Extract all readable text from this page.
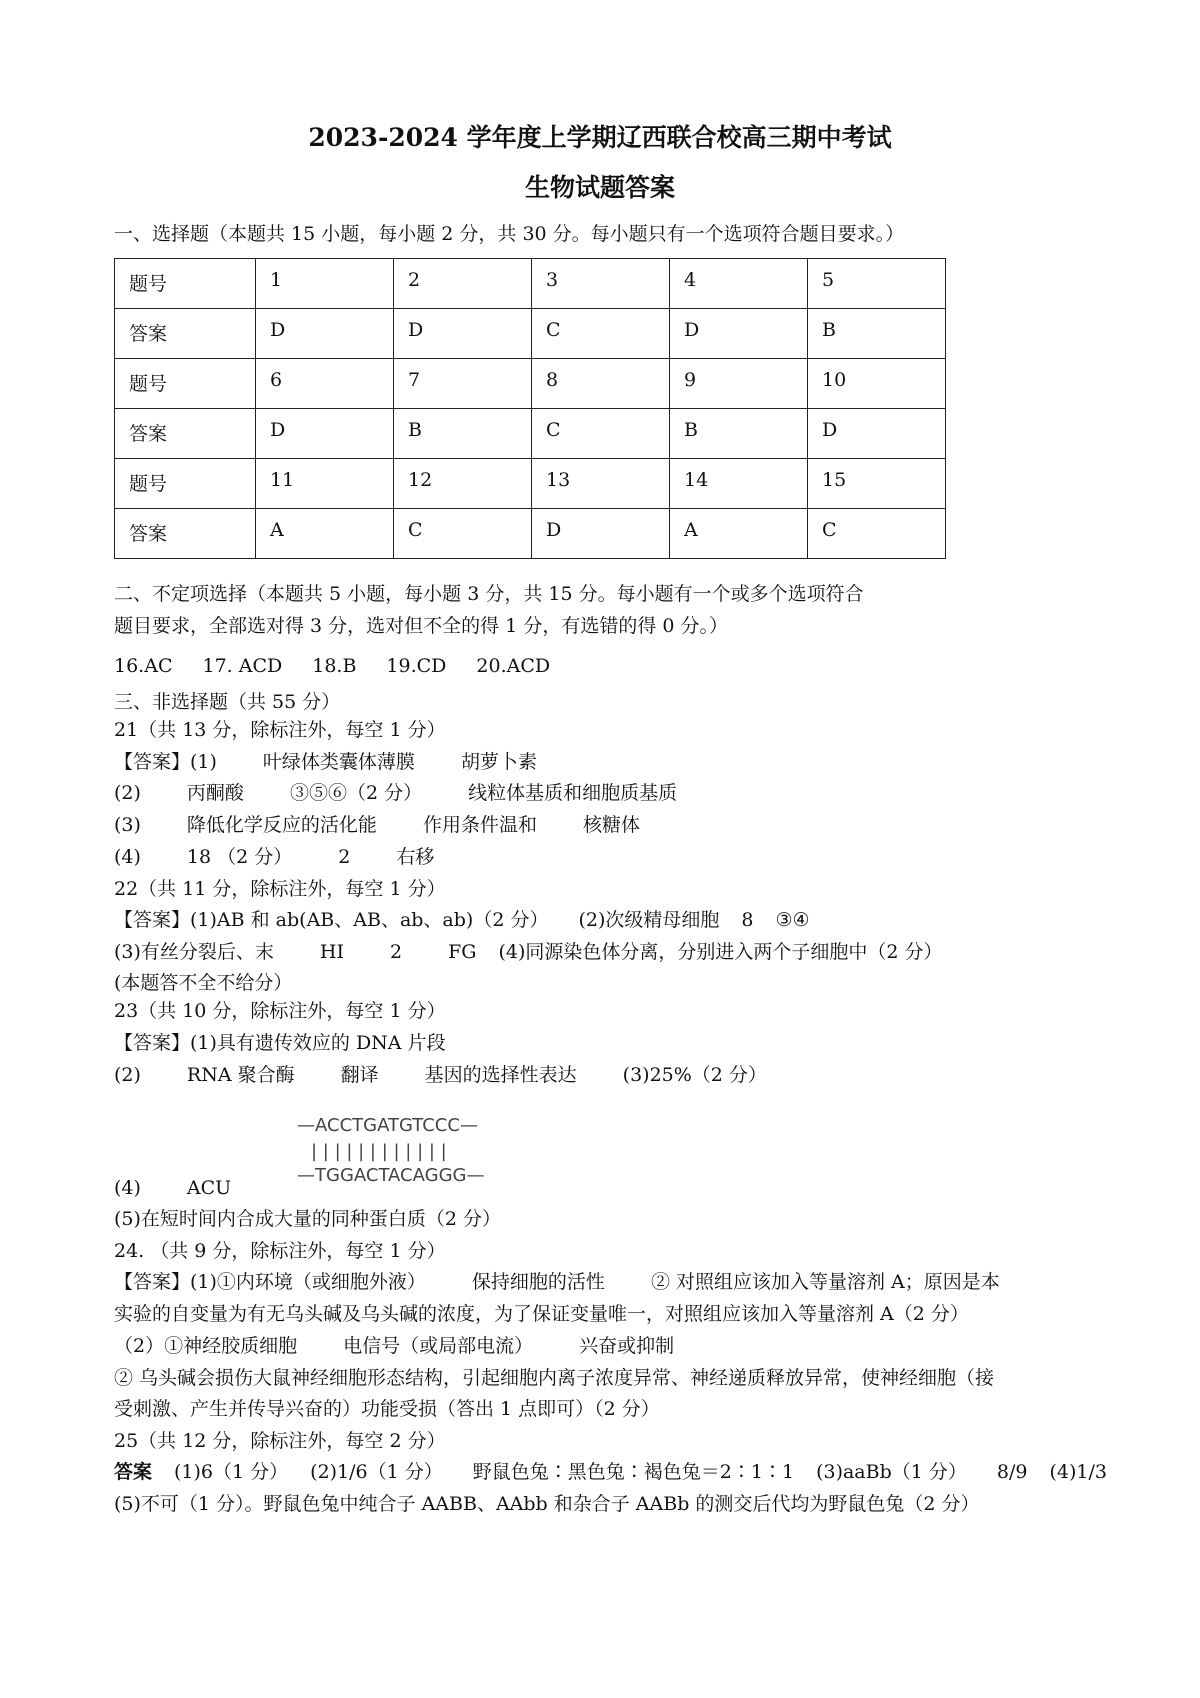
2023-2024 学年度上学期辽西联合校高三期中考试
生物试题答案
一、选择题（本题共 15 小题，每小题 2 分，共 30 分。每小题只有一个选项符合题目要求。）
题号	1	2	3	4	5
答案	D	D	C	D	B
题号	6	7	8	9	10
答案	D	B	C	B	D
题号	11	12	13	14	15
答案	A	C	D	A	C
二、不定项选择（本题共 5 小题，每小题 3 分，共 15 分。每小题有一个或多个选项符合
题目要求，全部选对得 3 分，选对但不全的得 1 分，有选错的得 0 分。）
16.AC 17. ACD 18.B 19.CD 20.ACD
三、非选择题（共 55 分）
21（共 13 分，除标注外，每空 1 分）
【答案】(1) 叶绿体类囊体薄膜 胡萝卜素
(2) 丙酮酸 ③⑤⑥（2 分） 线粒体基质和细胞质基质
(3) 降低化学反应的活化能 作用条件温和 核糖体
(4) 18 （2 分） 2 右移
22（共 11 分，除标注外，每空 1 分）
【答案】(1)AB 和 ab(AB、AB、ab、ab)（2 分） (2)次级精母细胞 8 ③④
(3)有丝分裂后、末 HI 2 FG (4)同源染色体分离，分别进入两个子细胞中（2 分）
(本题答不全不给分）
23（共 10 分，除标注外，每空 1 分）
【答案】(1)具有遗传效应的 DNA 片段
(2) RNA 聚合酶 翻译 基因的选择性表达 (3)25%（2 分）
—ACCTGATGTCCC—
| | | | | | | | | | | |
—TGGACTACAGGG—
(4) ACU
(5)在短时间内合成大量的同种蛋白质（2 分）
24. （共 9 分，除标注外，每空 1 分）
【答案】(1)①内环境（或细胞外液） 保持细胞的活性 ② 对照组应该加入等量溶剂 A；原因是本
实验的自变量为有无乌头碱及乌头碱的浓度，为了保证变量唯一，对照组应该加入等量溶剂 A（2 分）
（2）①神经胶质细胞 电信号（或局部电流） 兴奋或抑制
② 乌头碱会损伤大鼠神经细胞形态结构，引起细胞内离子浓度异常、神经递质释放异常，使神经细胞（接
受刺激、产生并传导兴奋的）功能受损（答出 1 点即可）（2 分）
25（共 12 分，除标注外，每空 2 分）
答案 (1)6（1 分） (2)1/6（1 分） 野鼠色兔∶黑色兔∶褐色兔＝2∶1∶1 (3)aaBb（1 分） 8/9 (4)1/3
(5)不可（1 分）。野鼠色兔中纯合子 AABB、AAbb 和杂合子 AABb 的测交后代均为野鼠色兔（2 分）
